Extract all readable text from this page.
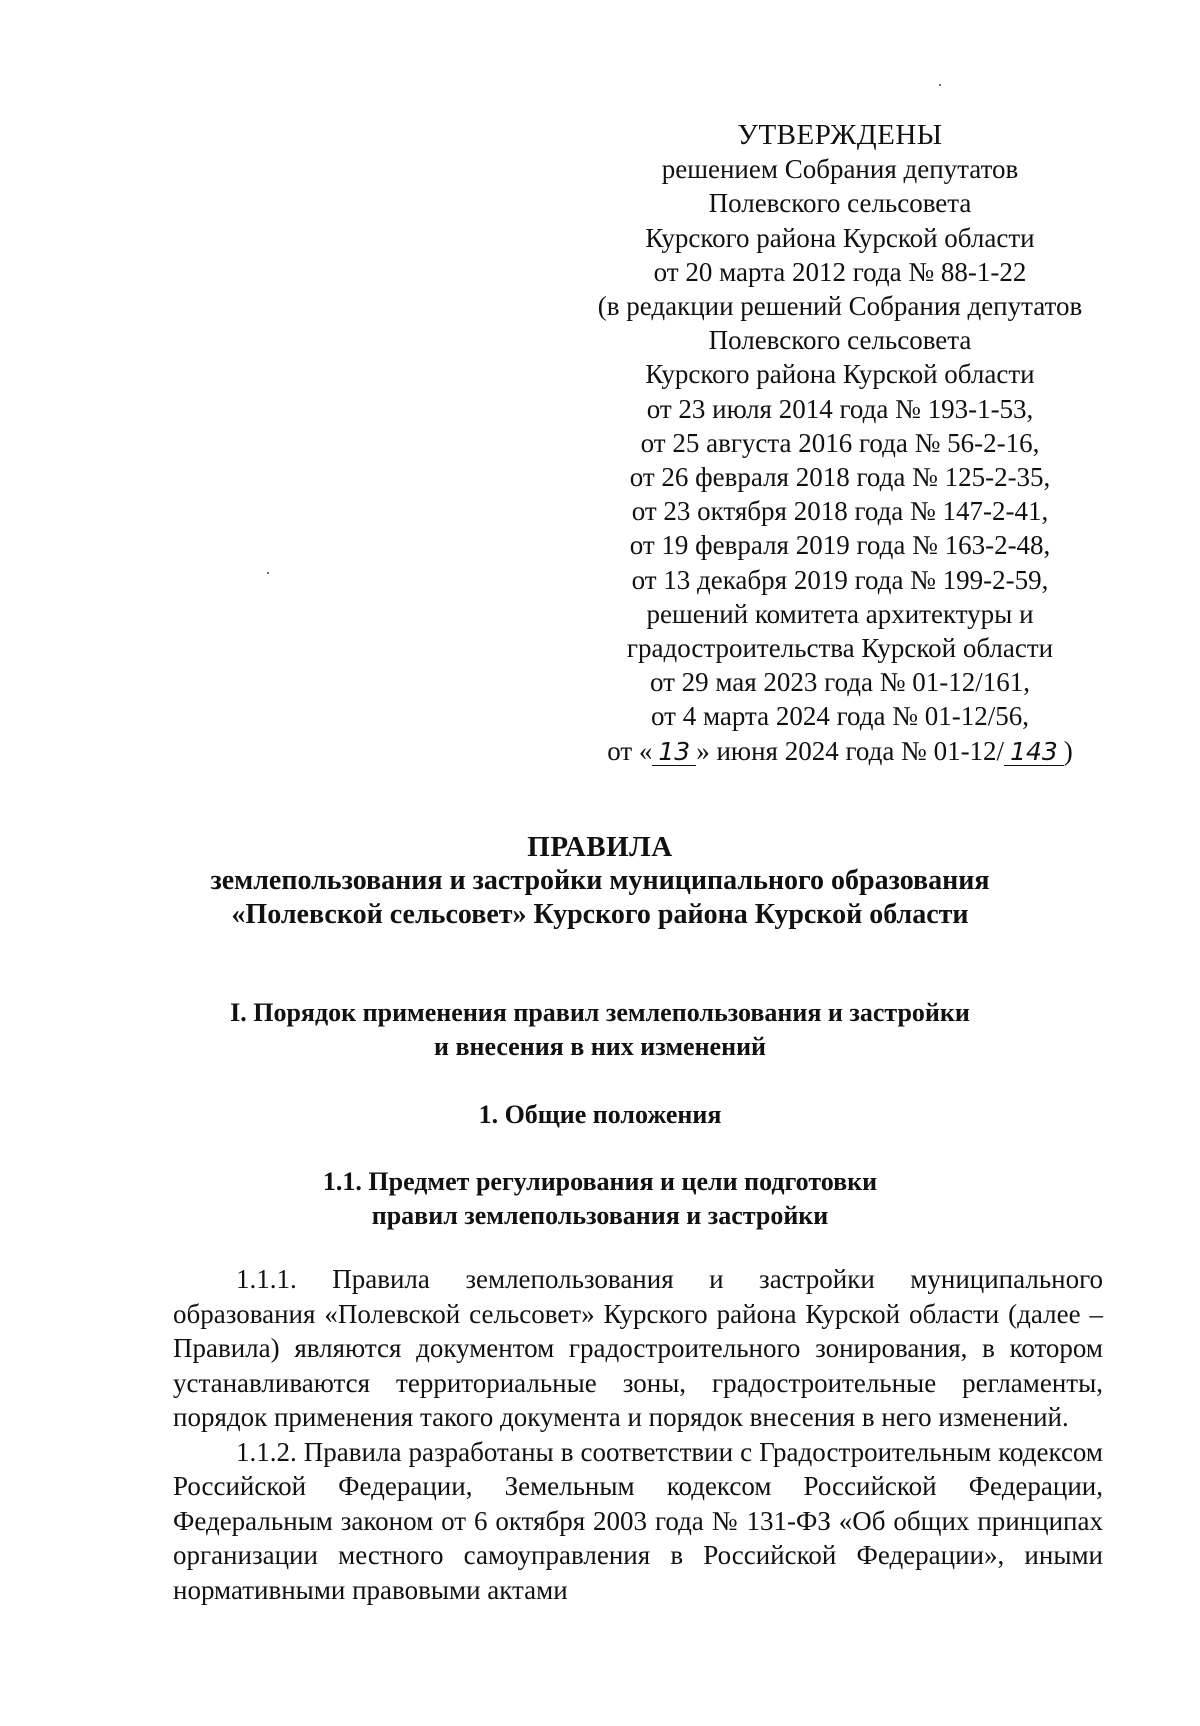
УТВЕРЖДЕНЫ
решением Собрания депутатов
Полевского сельсовета
Курского района Курской области
от 20 марта 2012 года № 88-1-22
(в редакции решений Собрания депутатов
Полевского сельсовета
Курского района Курской области
от 23 июля 2014 года № 193-1-53,
от 25 августа 2016 года № 56-2-16,
от 26 февраля 2018 года № 125-2-35,
от 23 октября 2018 года № 147-2-41,
от 19 февраля 2019 года № 163-2-48,
от 13 декабря 2019 года № 199-2-59,
решений комитета архитектуры и
градостроительства Курской области
от 29 мая 2023 года № 01-12/161,
от 4 марта 2024 года № 01-12/56,
от « 13 » июня 2024 года № 01-12/ 143 )
ПРАВИЛА
землепользования и застройки муниципального образования
«Полевской сельсовет» Курского района Курской области
I. Порядок применения правил землепользования и застройки
и внесения в них изменений
1. Общие положения
1.1. Предмет регулирования и цели подготовки
правил землепользования и застройки

1.1.1. Правила землепользования и застройки муниципального образования «Полевской сельсовет» Курского района Курской области (далее – Правила) являются документом градостроительного зонирования, в котором устанавливаются территориальные зоны, градостроительные регламенты, порядок применения такого документа и порядок внесения в него изменений.

1.1.2. Правила разработаны в соответствии с Градостроительным кодексом Российской Федерации, Земельным кодексом Российской Федерации, Федеральным законом от 6 октября 2003 года № 131-ФЗ «Об общих принципах организации местного самоуправления в Российской Федерации», иными нормативными правовыми актами
